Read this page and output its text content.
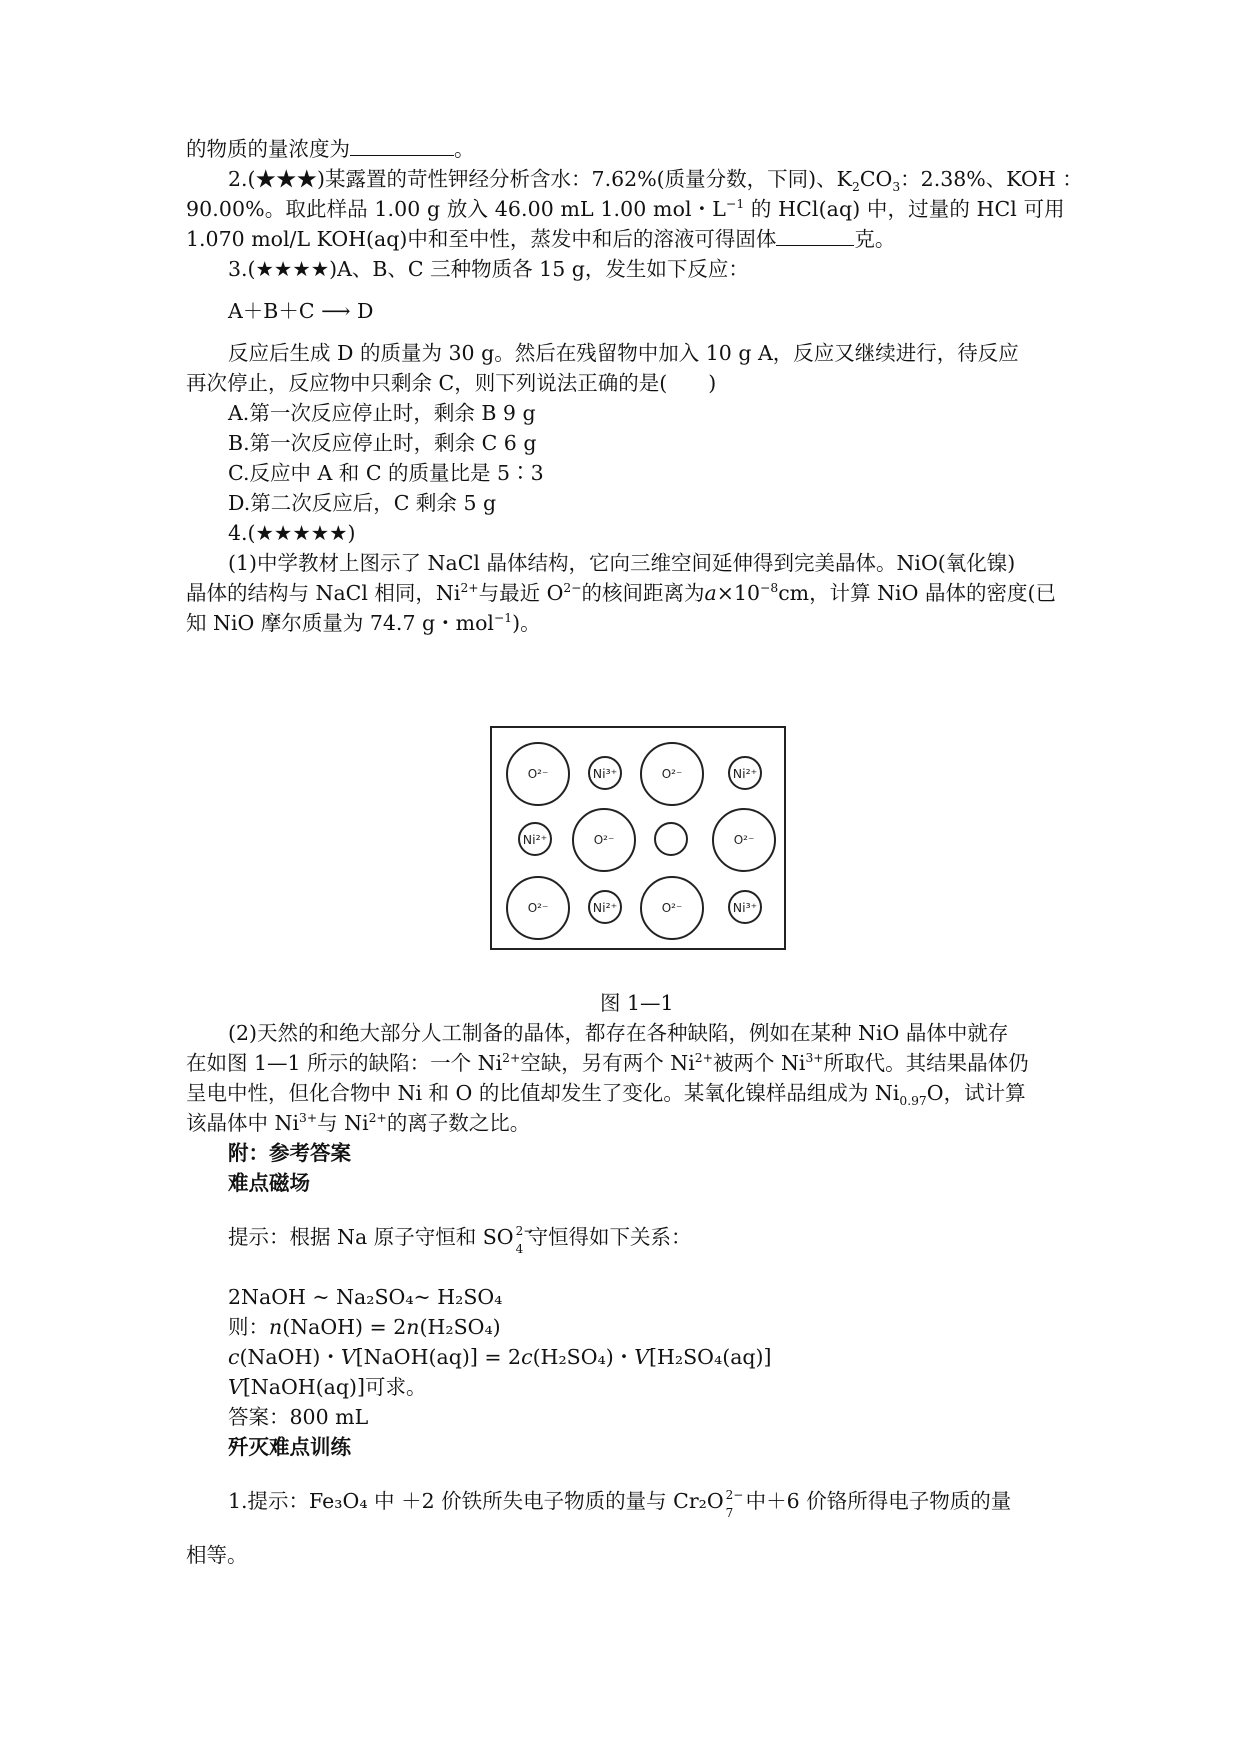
的物质的量浓度为	。
2.(★★★)某露置的苛性钾经分析含水：7.62%(质量分数，下同)、$K_2CO_3$：2.38%、KOH ：
90.00%。取此样品 1.00 g 放入 46.00 mL 1.00 mol・$L^{-1}$ 的 HCl(aq) 中，过量的 HCl 可用
1.070 mol/L KOH(aq)中和至中性，蒸发中和后的溶液可得固体	克。
3.(★★★★)A、B、C 三种物质各 15 g，发生如下反应：
A＋B＋C ⟶ D
反应后生成 D 的质量为 30 g。然后在残留物中加入 10 g A，反应又继续进行，待反应
再次停止，反应物中只剩余 C，则下列说法正确的是(　　)
A.第一次反应停止时，剩余 B 9 g
B.第一次反应停止时，剩余 C 6 g
C.反应中 A 和 C 的质量比是 5∶3
D.第二次反应后，C 剩余 5 g
4.(★★★★★)
(1)中学教材上图示了 NaCl 晶体结构，它向三维空间延伸得到完美晶体。NiO(氧化镍)
晶体的结构与 NaCl 相同，$Ni^{2+}$与最近 $O^{2-}$的核间距离为$a\times 10^{-8}cm$，计算 NiO 晶体的密度(已
知 NiO 摩尔质量为 74.7 g・mol$^{-1}$)。
O²⁻	Ni³⁺	O²⁻	Ni²⁺
Ni²⁺	O²⁻	O²⁻
O²⁻	Ni²⁺	O²⁻	Ni³⁺
图 1—1
(2)天然的和绝大部分人工制备的晶体，都存在各种缺陷，例如在某种 NiO 晶体中就存
在如图 1—1 所示的缺陷：一个 $Ni^{2+}$空缺，另有两个 $Ni^{2+}$被两个 $Ni^{3+}$所取代。其结果晶体仍
呈电中性，但化合物中 Ni 和 O 的比值却发生了变化。某氧化镍样品组成为 $Ni_{0.97}O$，试计算
该晶体中 $Ni^{3+}$与 $Ni^{2+}$的离子数之比。
附：参考答案
难点磁场
提示：根据 Na 原子守恒和 SO 2−
4 守恒得如下关系：
2NaOH ~ Na₂SO₄~ H₂SO₄
则：n(NaOH) = 2n(H₂SO₄)
c(NaOH)・V[NaOH(aq)] = 2c(H₂SO₄)・V[H₂SO₄(aq)]
V[NaOH(aq)]可求。
答案：800 mL
歼灭难点训练
1.提示：Fe₃O₄ 中 ＋2 价铁所失电子物质的量与 Cr₂O 2−
7 中＋6 价铬所得电子物质的量
相等。
